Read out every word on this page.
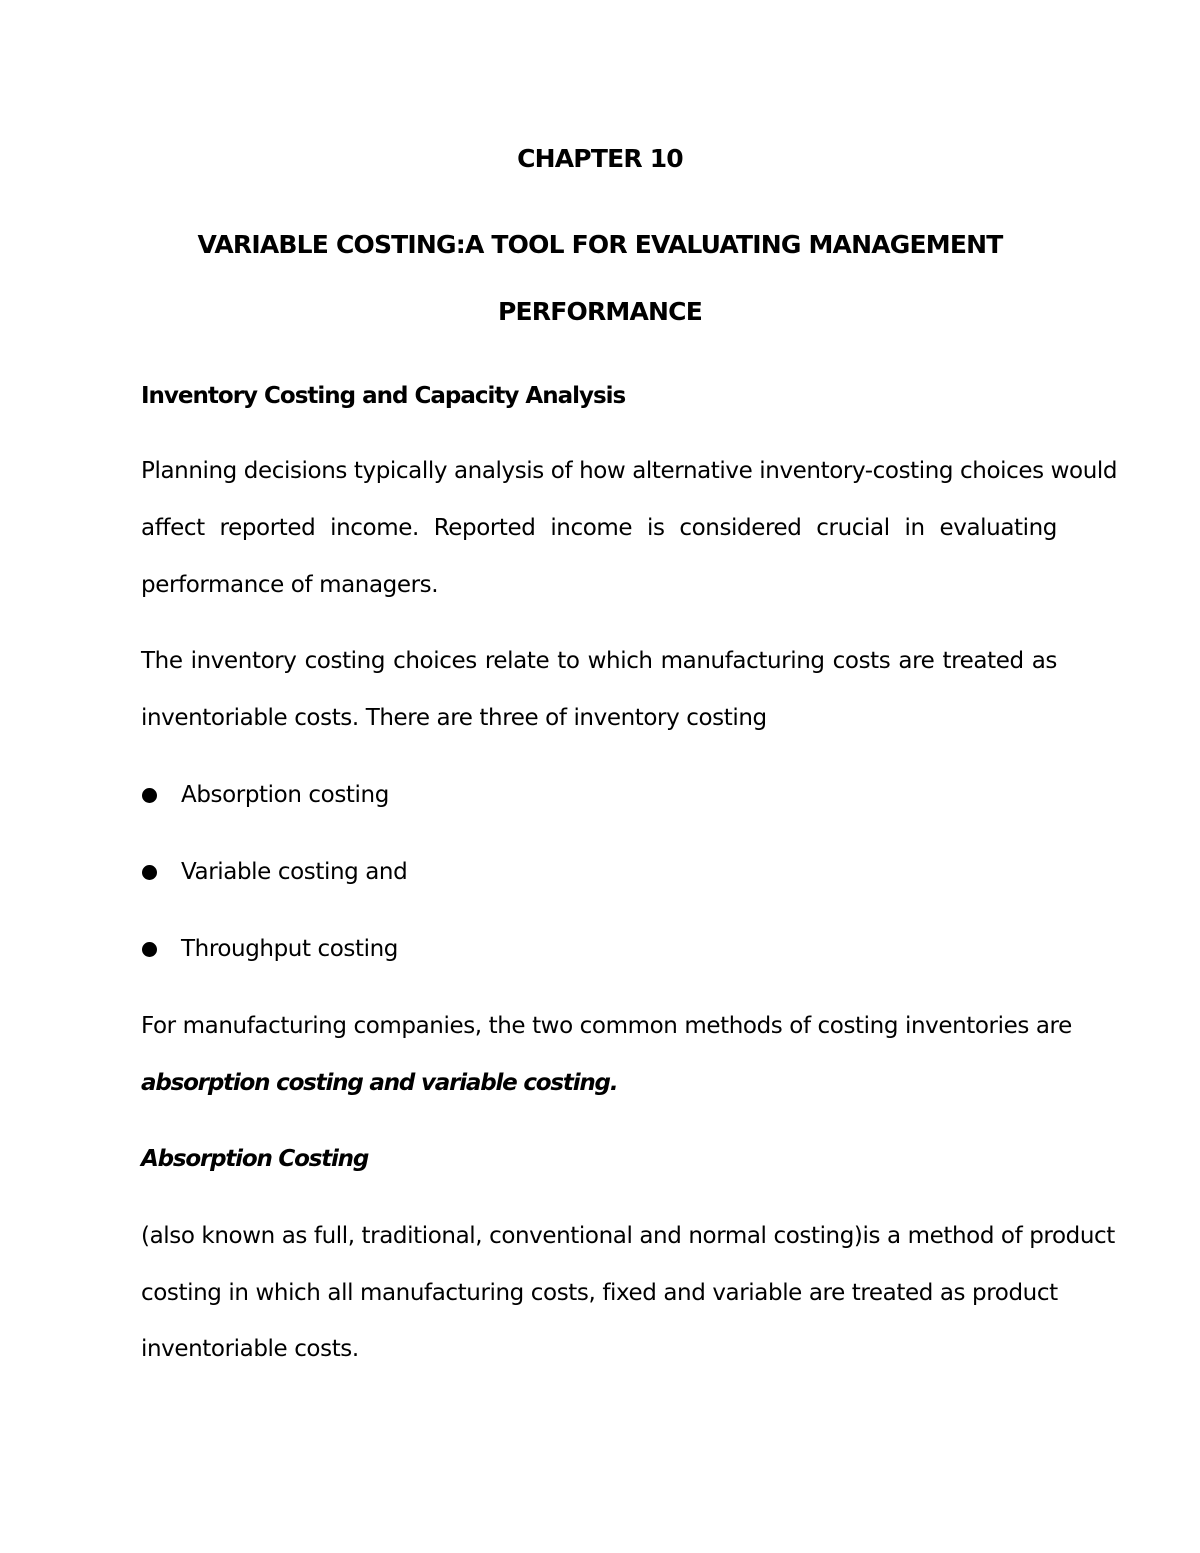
CHAPTER 10
VARIABLE COSTING:A TOOL FOR EVALUATING MANAGEMENT
PERFORMANCE
Inventory Costing and Capacity Analysis
Planning decisions typically analysis of how alternative inventory-costing choices would
affect reported income. Reported income is considered crucial in evaluating
performance of managers.
The inventory costing choices relate to which manufacturing costs are treated as
inventoriable costs. There are three of inventory costing
Absorption costing
Variable costing and
Throughput costing
For manufacturing companies, the two common methods of costing inventories are
absorption costing and variable costing.
Absorption Costing
(also known as full, traditional, conventional and normal costing)is a method of product
costing in which all manufacturing costs, fixed and variable are treated as product
inventoriable costs.
